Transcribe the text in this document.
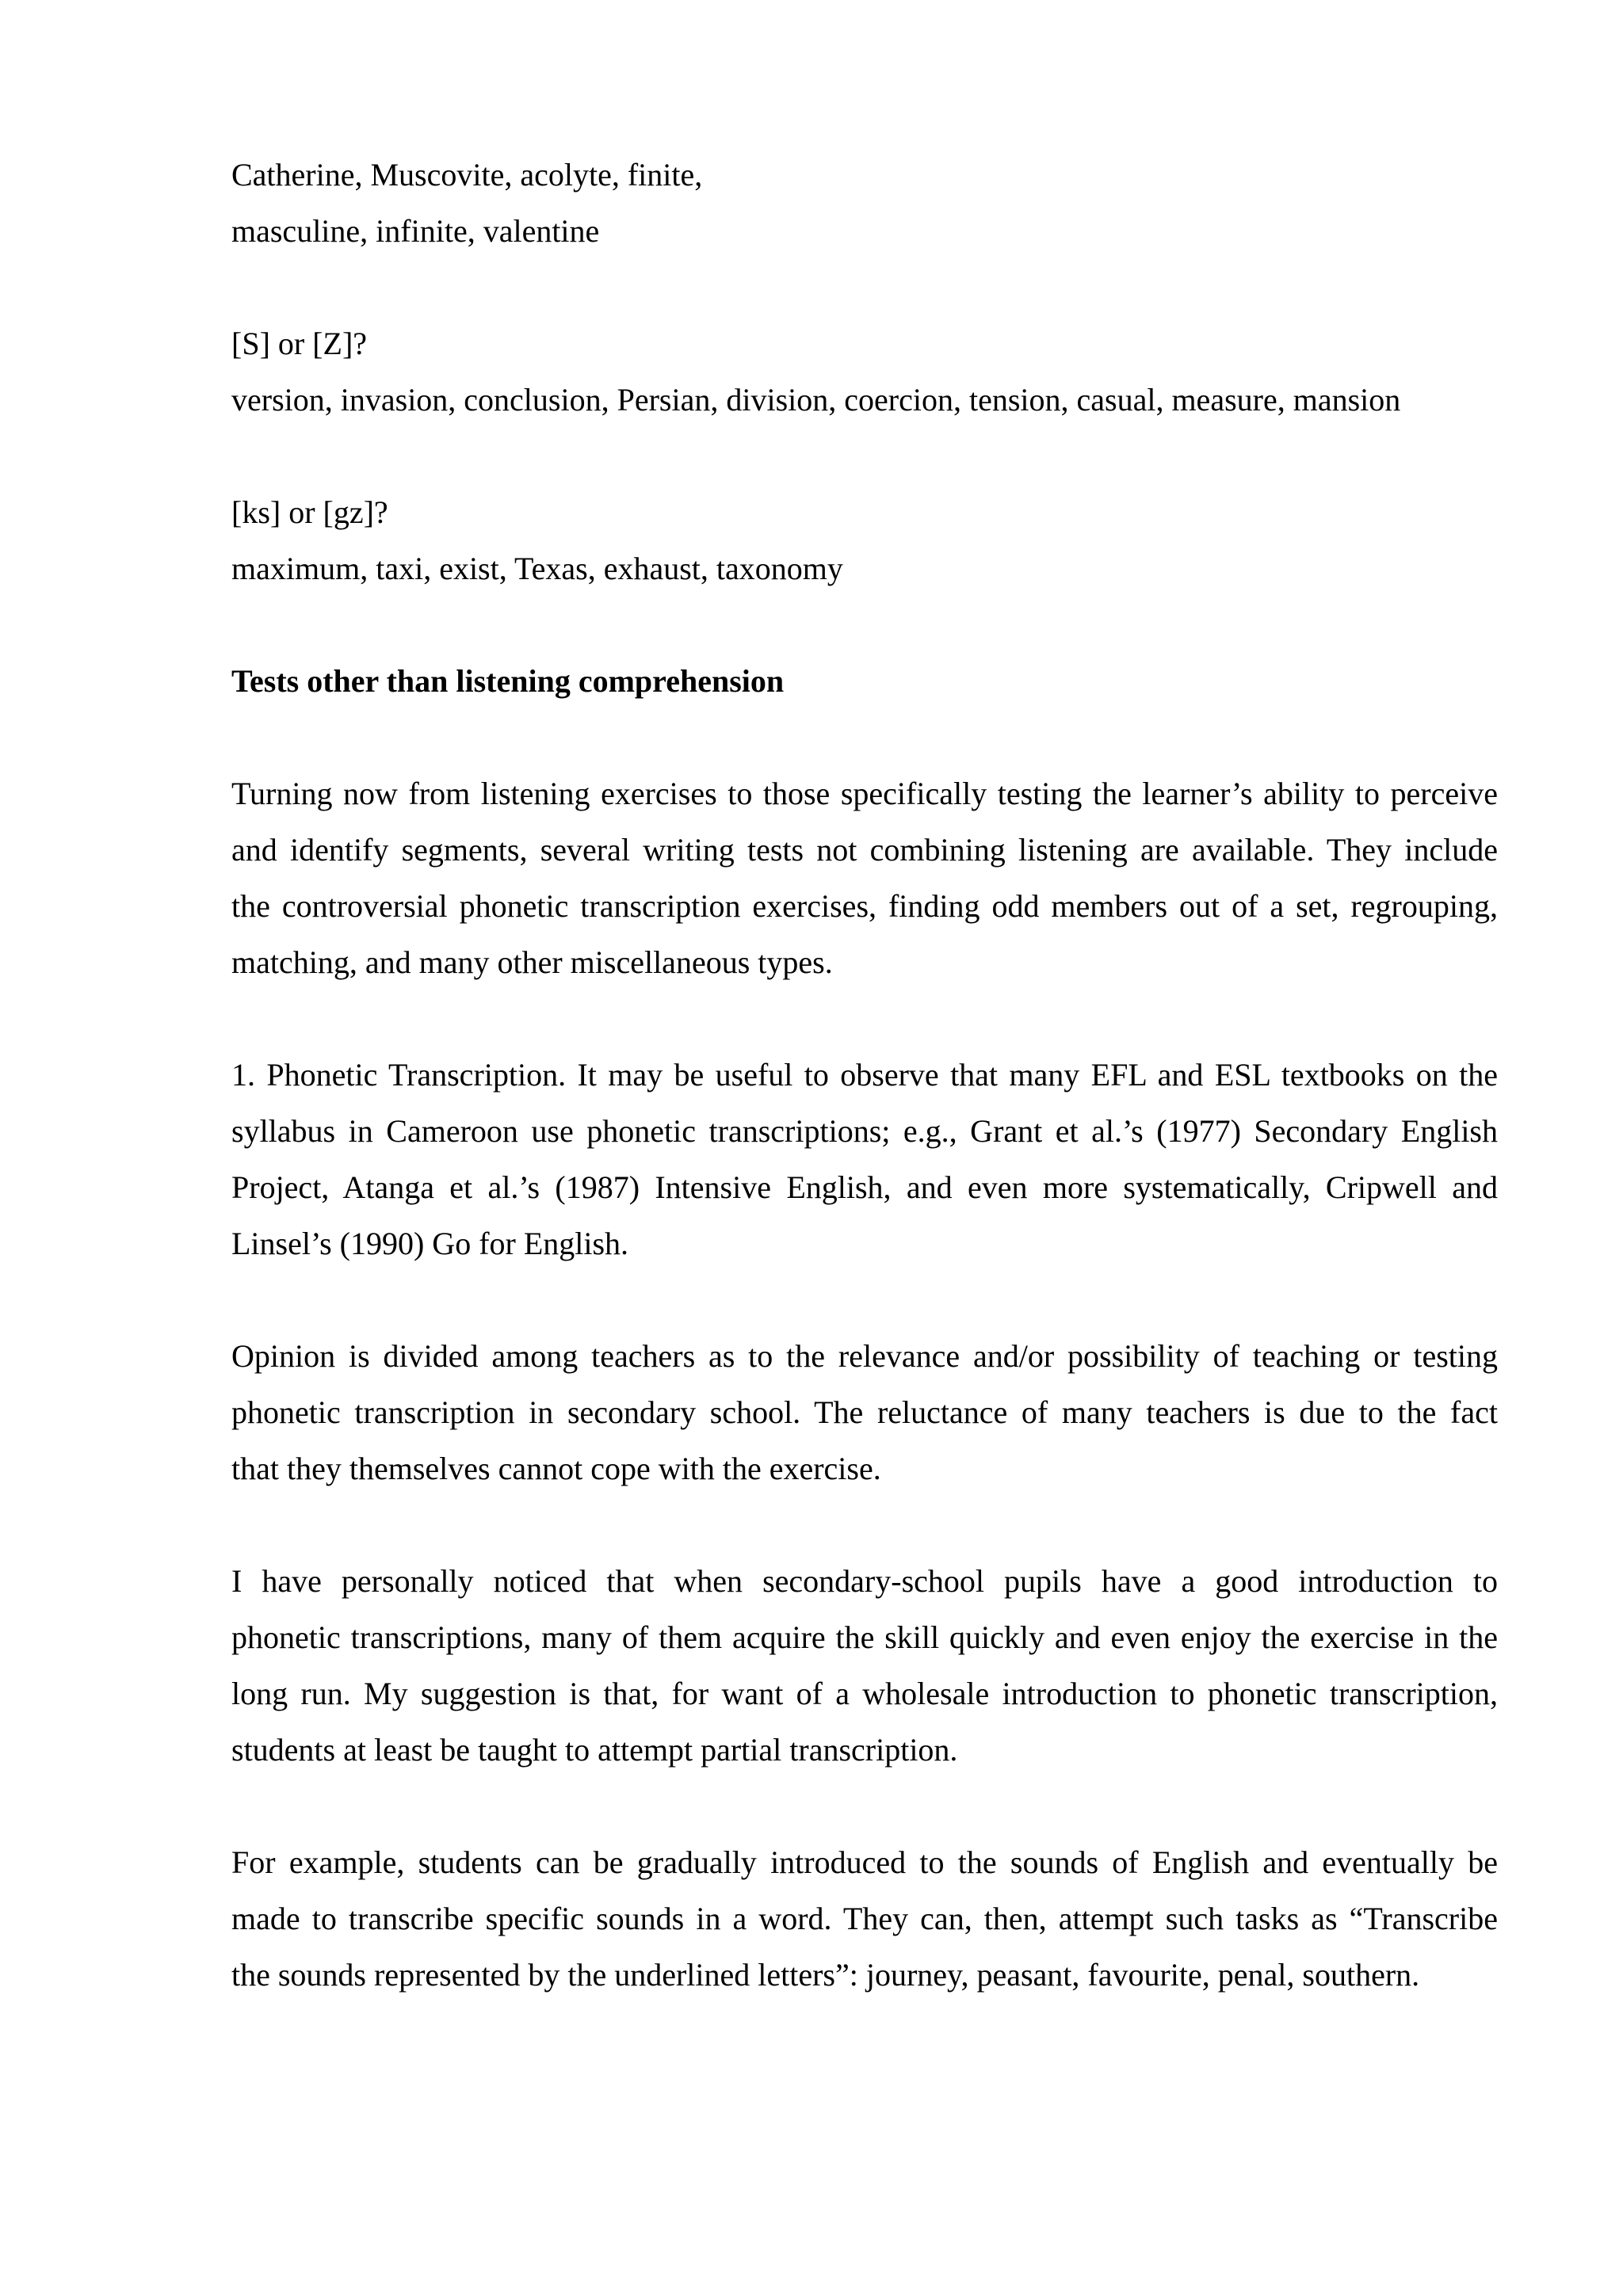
Catherine, Muscovite, acolyte, finite,
masculine, infinite, valentine
[S] or [Z]?
version, invasion, conclusion, Persian, division, coercion, tension, casual, measure, mansion
[ks] or [gz]?
maximum, taxi, exist, Texas, exhaust, taxonomy
Tests other than listening comprehension
Turning now from listening exercises to those specifically testing the learner’s ability to perceive
and identify segments, several writing tests not combining listening are available. They include
the controversial phonetic transcription exercises, finding odd members out of a set, regrouping,
matching, and many other miscellaneous types.
1. Phonetic Transcription. It may be useful to observe that many EFL and ESL textbooks on the
syllabus in Cameroon use phonetic transcriptions; e.g., Grant et al.’s (1977) Secondary English
Project, Atanga et al.’s (1987) Intensive English, and even more systematically, Cripwell and
Linsel’s (1990) Go for English.
Opinion is divided among teachers as to the relevance and/or possibility of teaching or testing
phonetic transcription in secondary school. The reluctance of many teachers is due to the fact
that they themselves cannot cope with the exercise.
I have personally noticed that when secondary-school pupils have a good introduction to
phonetic transcriptions, many of them acquire the skill quickly and even enjoy the exercise in the
long run. My suggestion is that, for want of a wholesale introduction to phonetic transcription,
students at least be taught to attempt partial transcription.
For example, students can be gradually introduced to the sounds of English and eventually be
made to transcribe specific sounds in a word. They can, then, attempt such tasks as “Transcribe
the sounds represented by the underlined letters”: journey, peasant, favourite, penal, southern.
